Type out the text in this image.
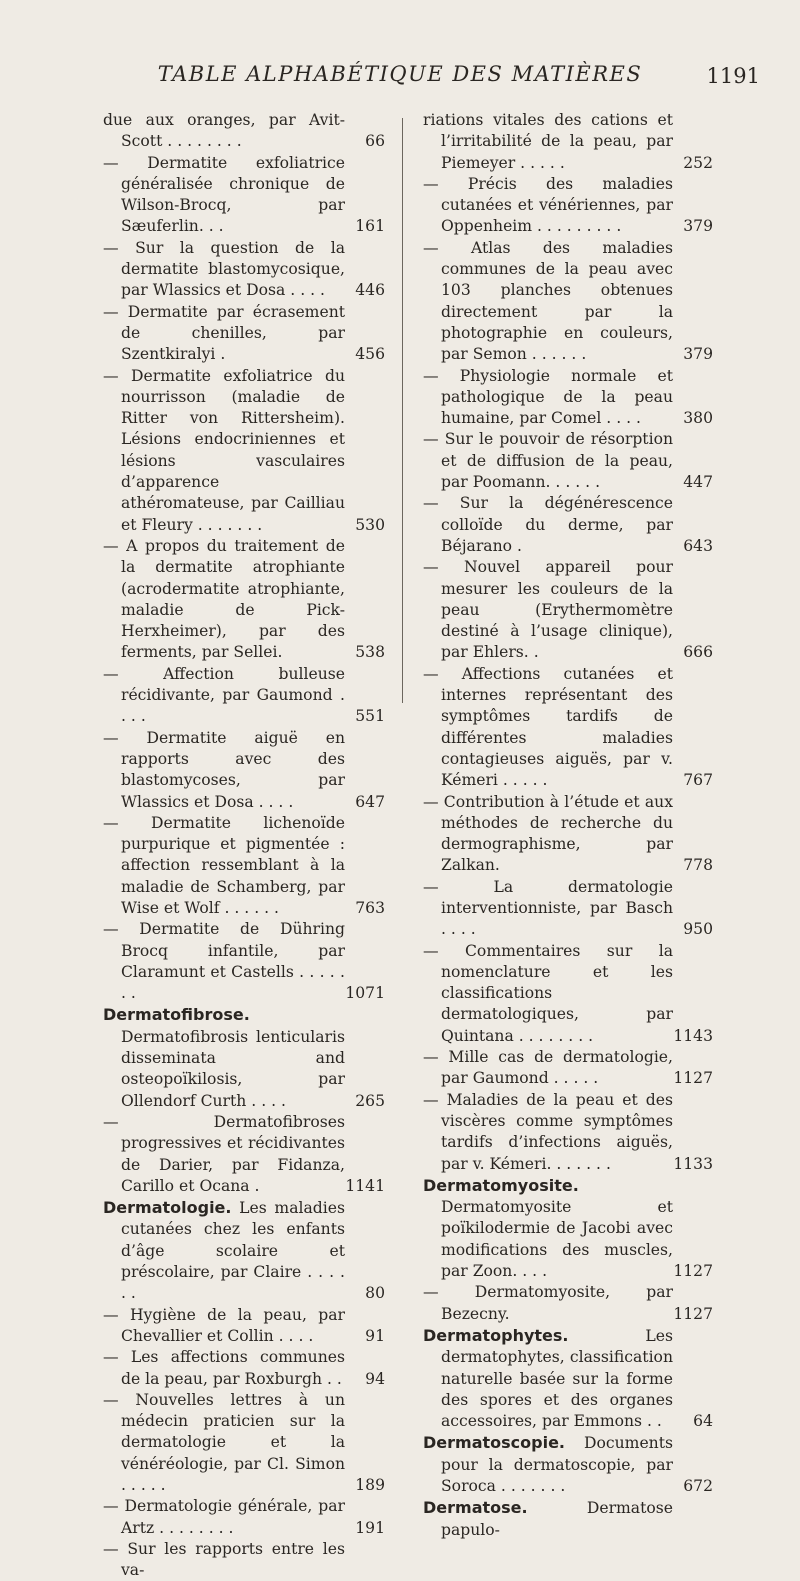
TABLE ALPHABÉTIQUE DES MATIÈRES	1191
due aux oranges, par Avit-Scott . . . . . . . .	66
— Dermatite exfoliatrice généralisée chronique de Wilson-Brocq, par Sæuferlin. . .	161
— Sur la question de la dermatite blastomycosique, par Wlassics et Dosa . . . .	446
— Dermatite par écrasement de chenilles, par Szentkiralyi .	456
— Dermatite exfoliatrice du nourrisson (maladie de Ritter von Rittersheim). Lésions endocriniennes et lésions vasculaires d’apparence athéromateuse, par Cailliau et Fleury . . . . . . .	530
— A propos du traitement de la dermatite atrophiante (acrodermatite atrophiante, maladie de Pick-Herxheimer), par des ferments, par Sellei.	538
— Affection bulleuse récidivante, par Gaumond . . . .	551
— Dermatite aiguë en rapports avec des blastomycoses, par Wlassics et Dosa . . . .	647
— Dermatite lichenoïde purpurique et pigmentée : affection ressemblant à la maladie de Schamberg, par Wise et Wolf . . . . . .	763
— Dermatite de Dühring Brocq infantile, par Claramunt et Castells . . . . . . .	1071
Dermatofibrose. Dermatofibrosis lenticularis disseminata and osteopoïkilosis, par Ollendorf Curth . . . .	265
— Dermatofibroses progressives et récidivantes de Darier, par Fidanza, Carillo et Ocana .	1141
Dermatologie. Les maladies cutanées chez les enfants d’âge scolaire et préscolaire, par Claire . . . . . .	80
— Hygiène de la peau, par Chevallier et Collin . . . .	91
— Les affections communes de la peau, par Roxburgh . .	94
— Nouvelles lettres à un médecin praticien sur la dermatologie et la vénéréologie, par Cl. Simon . . . . .	189
— Dermatologie générale, par Artz . . . . . . . .	191
— Sur les rapports entre les va-
riations vitales des cations et l’irritabilité de la peau, par Piemeyer . . . . .	252
— Précis des maladies cutanées et vénériennes, par Oppenheim . . . . . . . . .	379
— Atlas des maladies communes de la peau avec 103 planches obtenues directement par la photographie en couleurs, par Semon . . . . . .	379
— Physiologie normale et pathologique de la peau humaine, par Comel . . . .	380
— Sur le pouvoir de résorption et de diffusion de la peau, par Poomann. . . . . .	447
— Sur la dégénérescence colloïde du derme, par Béjarano .	643
— Nouvel appareil pour mesurer les couleurs de la peau (Erythermomètre destiné à l’usage clinique), par Ehlers. .	666
— Affections cutanées et internes représentant des symptômes tardifs de différentes maladies contagieuses aiguës, par v. Kémeri . . . . .	767
— Contribution à l’étude et aux méthodes de recherche du dermographisme, par Zalkan.	778
— La dermatologie interventionniste, par Basch . . . .	950
— Commentaires sur la nomenclature et les classifications dermatologiques, par Quintana . . . . . . . .	1143
— Mille cas de dermatologie, par Gaumond . . . . .	1127
— Maladies de la peau et des viscères comme symptômes tardifs d’infections aiguës, par v. Kémeri. . . . . . .	1133
Dermatomyosite. Dermatomyosite et poïkilodermie de Jacobi avec modifications des muscles, par Zoon. . . .	1127
— Dermatomyosite, par Bezecny.	1127
Dermatophytes. Les dermatophytes, classification naturelle basée sur la forme des spores et des organes accessoires, par Emmons . .	64
Dermatoscopie. Documents pour la dermatoscopie, par Soroca . . . . . . .	672
Dermatose. Dermatose papulo-
